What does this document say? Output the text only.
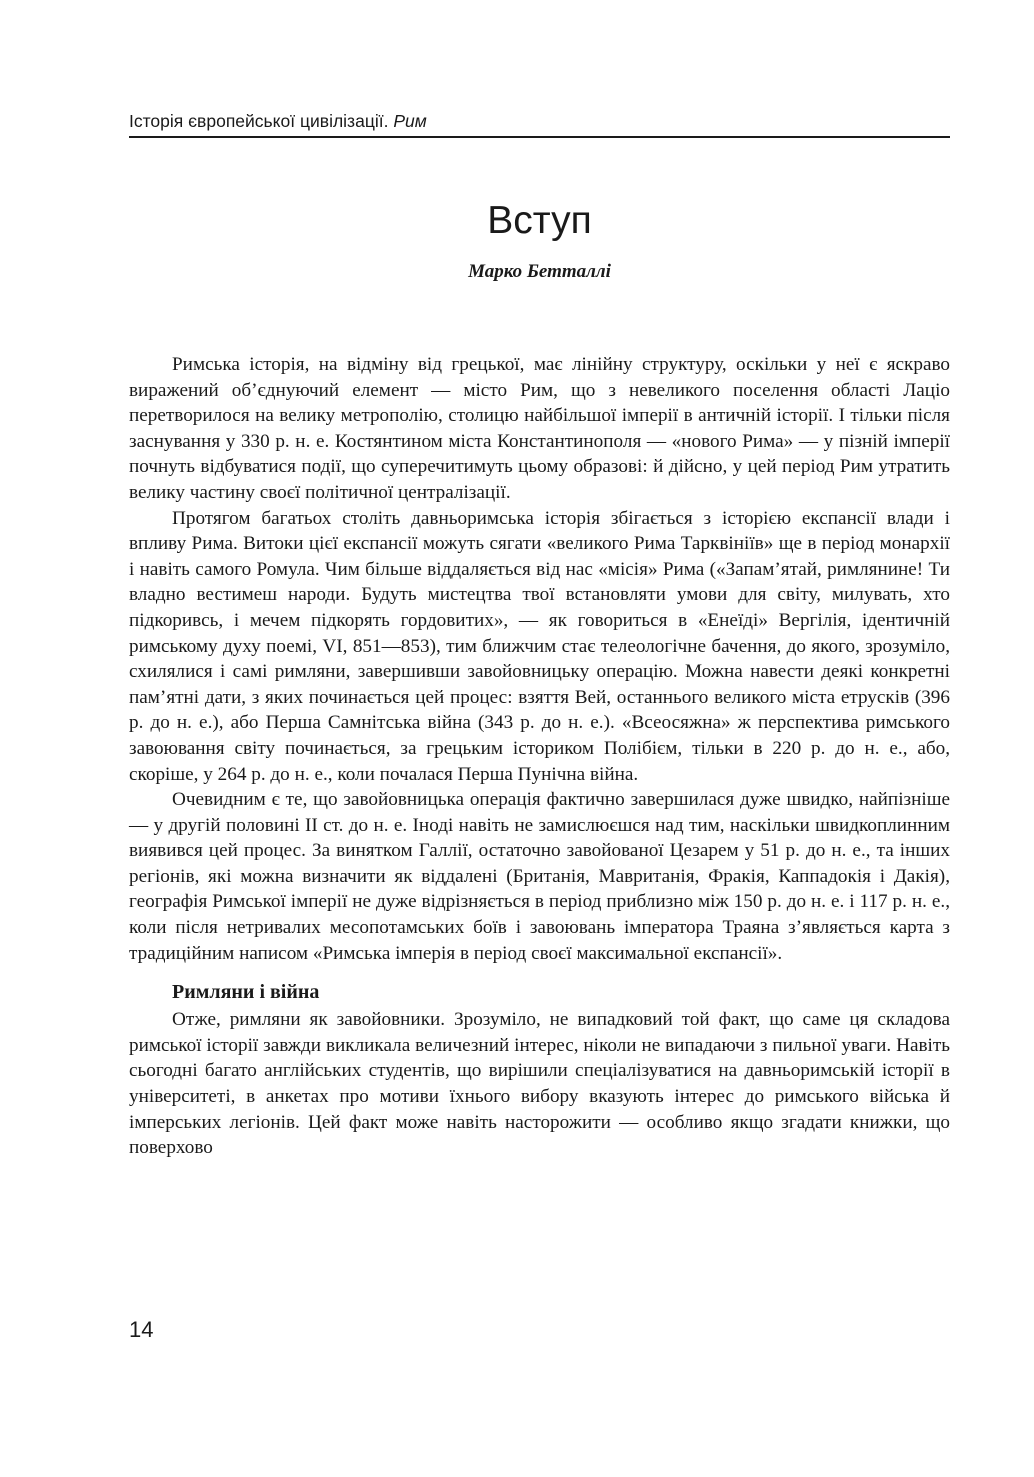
Історія європейської цивілізації. Рим
Вступ
Марко Бетталлі

Римська історія, на відміну від грецької, має лінійну структуру, оскільки у неї є яскраво виражений об’єднуючий елемент — місто Рим, що з невеликого поселення області Лаціо перетворилося на велику метрополію, столицю найбільшої імперії в античній історії. І тільки після заснування у 330 р. н. е. Костянтином міста Константинополя — «нового Рима» — у пізній імперії почнуть відбуватися події, що суперечитимуть цьому образові: й дійсно, у цей період Рим утратить велику частину своєї політичної централізації.

Протягом багатьох століть давньоримська історія збігається з історією експансії влади і впливу Рима. Витоки цієї експансії можуть сягати «великого Рима Тарквініїв» ще в період монархії і навіть самого Ромула. Чим більше віддаляється від нас «місія» Рима («Запам’ятай, римлянине! Ти владно вестимеш народи. Будуть мистецтва твої встановляти умови для світу, милувать, хто підкоривсь, і мечем підкорять гордовитих», — як говориться в «Енеїді» Вергілія, ідентичній римському духу поемі, VI, 851—853), тим ближчим стає телеологічне бачення, до якого, зрозуміло, схилялися і самі римляни, завершивши завойовницьку операцію. Можна навести деякі конкретні пам’ятні дати, з яких починається цей процес: взяття Вей, останнього великого міста етрусків (396 р. до н. е.), або Перша Самнітська війна (343 р. до н. е.). «Всеосяжна» ж перспектива римського завоювання світу починається, за грецьким істориком Полібієм, тільки в 220 р. до н. е., або, скоріше, у 264 р. до н. е., коли почалася Перша Пунічна війна.

Очевидним є те, що завойовницька операція фактично завершилася дуже швидко, найпізніше — у другій половині II ст. до н. е. Іноді навіть не замислюєшся над тим, наскільки швидкоплинним виявився цей процес. За винятком Галлії, остаточно завойованої Цезарем у 51 р. до н. е., та інших регіонів, які можна визначити як віддалені (Британія, Мавританія, Фракія, Каппадокія і Дакія), географія Римської імперії не дуже відрізняється в період приблизно між 150 р. до н. е. і 117 р. н. е., коли після нетривалих месопотамських боїв і завоювань імператора Траяна з’являється карта з традиційним написом «Римська імперія в період своєї максимальної експансії».

Римляни і війна

Отже, римляни як завойовники. Зрозуміло, не випадковий той факт, що саме ця складова римської історії завжди викликала величезний інтерес, ніколи не випадаючи з пильної уваги. Навіть сьогодні багато англійських студентів, що вирішили спеціалізуватися на давньоримській історії в університеті, в анкетах про мотиви їхнього вибору вказують інтерес до римського війська й імперських легіонів. Цей факт може навіть насторожити — особливо якщо згадати книжки, що поверхово

14
